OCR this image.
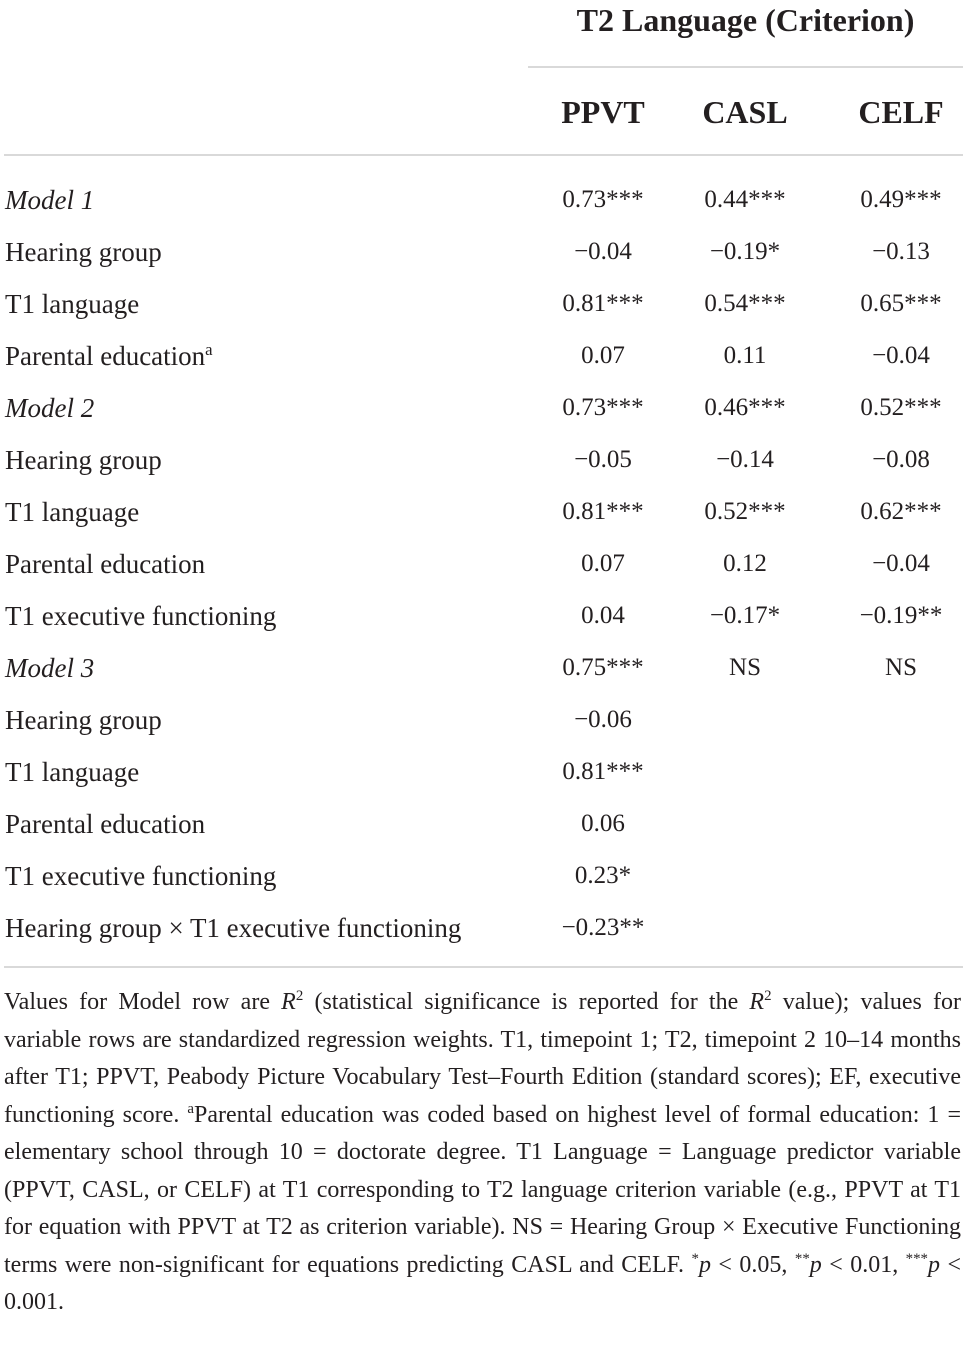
T2 Language (Criterion)
PPVT	CASL	CELF
Model 1	0.73***	0.44***	0.49***
Hearing group	−0.04	−0.19*	−0.13
T1 language	0.81***	0.54***	0.65***
Parental education$^a$	0.07	0.11	−0.04
Model 2	0.73***	0.46***	0.52***
Hearing group	−0.05	−0.14	−0.08
T1 language	0.81***	0.52***	0.62***
Parental education	0.07	0.12	−0.04
T1 executive functioning	0.04	−0.17*	−0.19**
Model 3	0.75***	NS	NS
Hearing group	−0.06
T1 language	0.81***
Parental education	0.06
T1 executive functioning	0.23*
Hearing group × T1 executive functioning	−0.23**
Values for Model row are $R^2$ (statistical significance is reported for the $R^2$ value); values for variable rows are standardized regression weights. T1, timepoint 1; T2, timepoint 2 10–14 months after T1; PPVT, Peabody Picture Vocabulary Test–Fourth Edition (standard scores); EF, executive functioning score. $^a$Parental education was coded based on highest level of formal education: 1 = elementary school through 10 = doctorate degree. T1 Language = Language predictor variable (PPVT, CASL, or CELF) at T1 corresponding to T2 language criterion variable (e.g., PPVT at T1 for equation with PPVT at T2 as criterion variable). NS = Hearing Group × Executive Functioning terms were non-significant for equations predicting CASL and CELF. *p < 0.05, **p < 0.01, ***p < 0.001.
